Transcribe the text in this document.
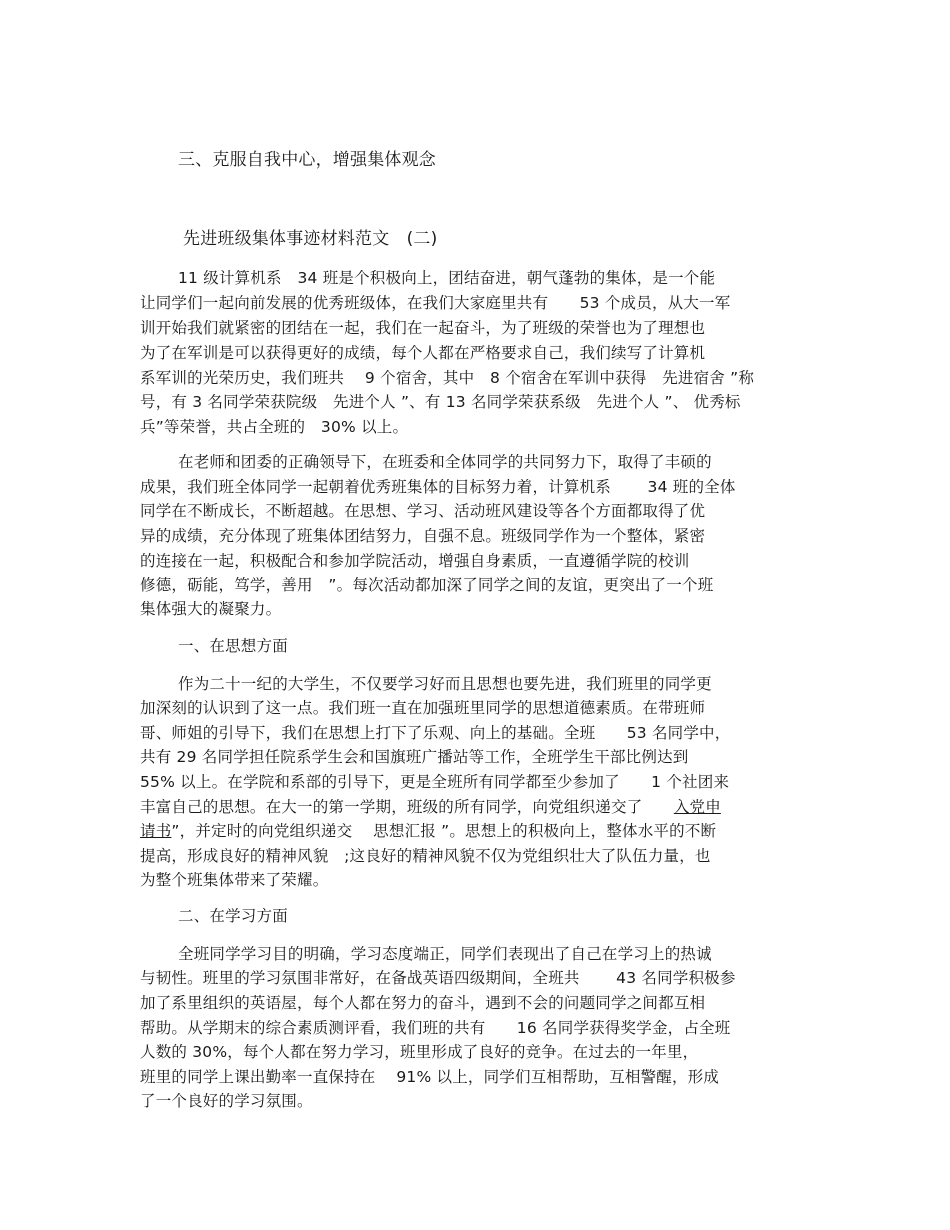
三、克服自我中心，增强集体观念
先进班级集体事迹材料范文　(二)
11 级计算机系　34 班是个积极向上，团结奋进，朝气蓬勃的集体，是一个能
让同学们一起向前发展的优秀班级体，在我们大家庭里共有　　53 个成员，从大一军
训开始我们就紧密的团结在一起，我们在一起奋斗，为了班级的荣誉也为了理想也
为了在军训是可以获得更好的成绩，每个人都在严格要求自己，我们续写了计算机
系军训的光荣历史，我们班共　 9 个宿舍，其中　8 个宿舍在军训中获得　先进宿舍 ”称
号，有 3 名同学荣获院级　先进个人 ”、有 13 名同学荣获系级　先进个人 ”、 优秀标
兵”等荣誉，共占全班的　30% 以上。
在老师和团委的正确领导下，在班委和全体同学的共同努力下，取得了丰硕的
成果，我们班全体同学一起朝着优秀班集体的目标努力着，计算机系　　 34 班的全体
同学在不断成长，不断超越。在思想、学习、活动班风建设等各个方面都取得了优
异的成绩，充分体现了班集体团结努力，自强不息。班级同学作为一个整体，紧密
的连接在一起，积极配合和参加学院活动，增强自身素质，一直遵循学院的校训
修德，砺能，笃学，善用　”。每次活动都加深了同学之间的友谊，更突出了一个班
集体强大的凝聚力。
一、在思想方面
作为二十一纪的大学生，不仅要学习好而且思想也要先进，我们班里的同学更
加深刻的认识到了这一点。我们班一直在加强班里同学的思想道德素质。在带班师
哥、师姐的引导下，我们在思想上打下了乐观、向上的基础。全班　　53 名同学中，
共有 29 名同学担任院系学生会和国旗班广播站等工作，全班学生干部比例达到
55% 以上。在学院和系部的引导下，更是全班所有同学都至少参加了　　1 个社团来
丰富自己的思想。在大一的第一学期，班级的所有同学，向党组织递交了　　入党申
请书”，并定时的向党组织递交　 思想汇报 ”。思想上的积极向上，整体水平的不断
提高，形成良好的精神风貌　;这良好的精神风貌不仅为党组织壮大了队伍力量，也
为整个班集体带来了荣耀。
二、在学习方面
全班同学学习目的明确，学习态度端正，同学们表现出了自己在学习上的热诚
与韧性。班里的学习氛围非常好，在备战英语四级期间，全班共　　 43 名同学积极参
加了系里组织的英语屋，每个人都在努力的奋斗，遇到不会的问题同学之间都互相
帮助。从学期末的综合素质测评看，我们班的共有　　16 名同学获得奖学金，占全班
人数的 30%，每个人都在努力学习，班里形成了良好的竞争。在过去的一年里，
班里的同学上课出勤率一直保持在　 91% 以上，同学们互相帮助，互相警醒，形成
了一个良好的学习氛围。
